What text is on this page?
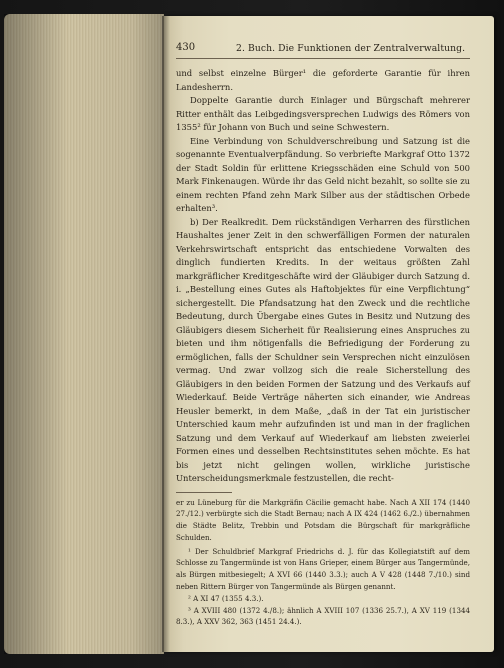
430	2. Buch. Die Funktionen der Zentralverwaltung.

und selbst einzelne Bürger¹ die geforderte Garantie für ihren Landesherrn.

Doppelte Garantie durch Einlager und Bürgschaft mehrerer Ritter enthält das Leibgedingsversprechen Ludwigs des Römers von 1355² für Johann von Buch und seine Schwestern.

Eine Verbindung von Schuldverschreibung und Satzung ist die sogenannte Eventualverpfändung. So verbriefte Markgraf Otto 1372 der Stadt Soldin für erlittene Kriegsschäden eine Schuld von 500 Mark Finkenaugen. Würde ihr das Geld nicht bezahlt, so sollte sie zu einem rechten Pfand zehn Mark Silber aus der städtischen Orbede erhalten³.

b) Der Realkredit. Dem rückständigen Verharren des fürstlichen Haushaltes jener Zeit in den schwerfälligen Formen der naturalen Verkehrswirtschaft entspricht das entschiedene Vorwalten des dinglich fundierten Kredits. In der weitaus größten Zahl markgräflicher Kreditgeschäfte wird der Gläubiger durch Satzung d. i. „Bestellung eines Gutes als Haftobjektes für eine Verpflichtung“ sichergestellt. Die Pfandsatzung hat den Zweck und die rechtliche Bedeutung, durch Übergabe eines Gutes in Besitz und Nutzung des Gläubigers diesem Sicherheit für Realisierung eines Anspruches zu bieten und ihm nötigenfalls die Befriedigung der Forderung zu ermöglichen, falls der Schuldner sein Versprechen nicht einzulösen vermag. Und zwar vollzog sich die reale Sicherstellung des Gläubigers in den beiden Formen der Satzung und des Verkaufs auf Wiederkauf. Beide Verträge näherten sich einander, wie Andreas Heusler bemerkt, in dem Maße, „daß in der Tat ein juristischer Unterschied kaum mehr aufzufinden ist und man in der fraglichen Satzung und dem Verkauf auf Wiederkauf am liebsten zweierlei Formen eines und desselben Rechtsinstitutes sehen möchte. Es hat bis jetzt nicht gelingen wollen, wirkliche juristische Unterscheidungsmerkmale festzustellen, die recht-

er zu Lüneburg für die Markgräfin Cäcilie gemacht habe. Nach A XII 174 (1440 27./12.) verbürgte sich die Stadt Bernau; nach A IX 424 (1462 6./2.) übernahmen die Städte Belitz, Trebbin und Potsdam die Bürgschaft für markgräfliche Schulden.

¹ Der Schuldbrief Markgraf Friedrichs d. J. für das Kollegiatstift auf dem Schlosse zu Tangermünde ist von Hans Grieper, einem Bürger aus Tangermünde, als Bürgen mitbesiegelt; A XVI 66 (1440 3.3.); auch A V 428 (1448 7./10.) sind neben Rittern Bürger von Tangermünde als Bürgen genannt.

² A XI 47 (1355 4.3.).

³ A XVIII 480 (1372 4./8.); ähnlich A XVIII 107 (1336 25.7.), A XV 119 (1344 8.3.), A XXV 362, 363 (1451 24.4.).
